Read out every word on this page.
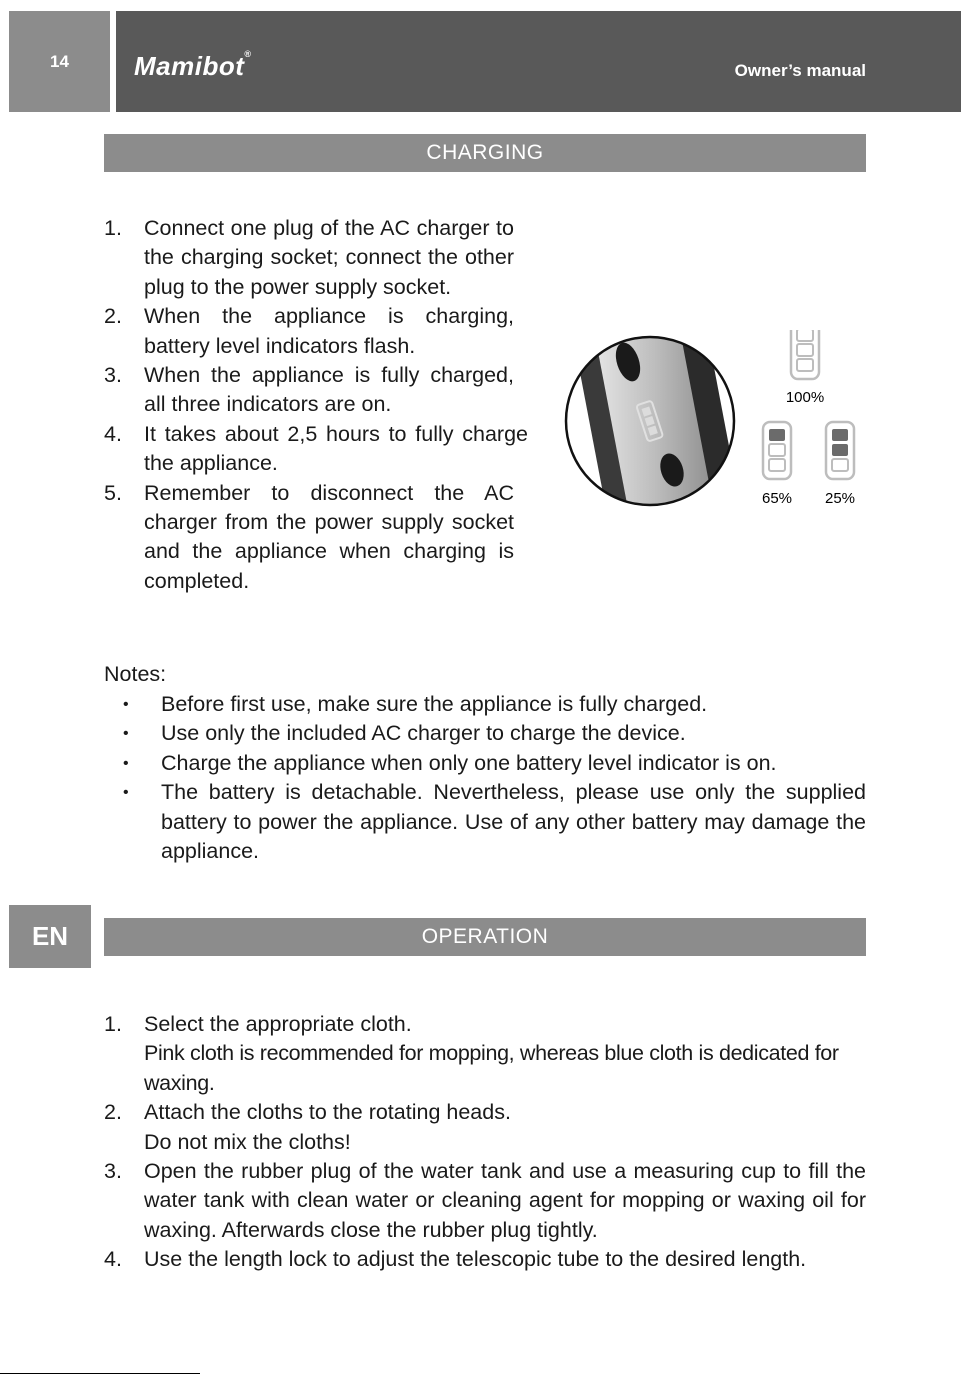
14	Mamibot®
Owner’s manual
CHARGING
1. Connect one plug of the AC charger to the charging socket; connect the other plug to the power supply socket.
2. When the appliance is charging, battery level indicators flash.
3. When the appliance is fully charged, all three indicators are on.
4. It takes about 2,5 hours to fully charge the appliance.
5. Remember to disconnect the AC charger from the power supply socket and the appliance when charging is completed.
100%
65% 25%
Notes:
• Before first use, make sure the appliance is fully charged.
• Use only the included AC charger to charge the device.
• Charge the appliance when only one battery level indicator is on.
• The battery is detachable. Nevertheless, please use only the supplied battery to power the appliance. Use of any other battery may damage the appliance.
EN	OPERATION
1. Select the appropriate cloth.
Pink cloth is recommended for mopping, whereas blue cloth is dedicated for waxing.
2. Attach the cloths to the rotating heads.
Do not mix the cloths!
3. Open the rubber plug of the water tank and use a measuring cup to fill the water tank with clean water or cleaning agent for mopping or waxing oil for waxing. Afterwards close the rubber plug tightly.
4. Use the length lock to adjust the telescopic tube to the desired length.
